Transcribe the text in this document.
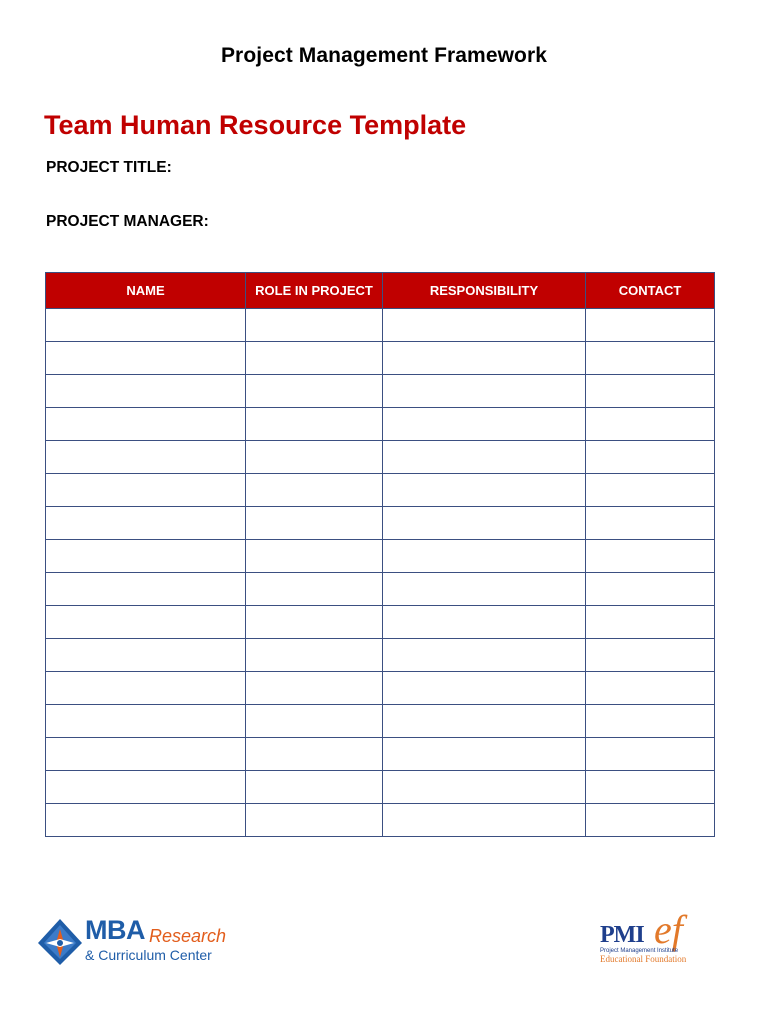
Project Management Framework
Team Human Resource Template
PROJECT TITLE:
PROJECT MANAGER:
NAME	ROLE IN PROJECT	RESPONSIBILITY	CONTACT

MBA Research
& Curriculum Center
PMI ef
Project Management Institute
Educational Foundation
